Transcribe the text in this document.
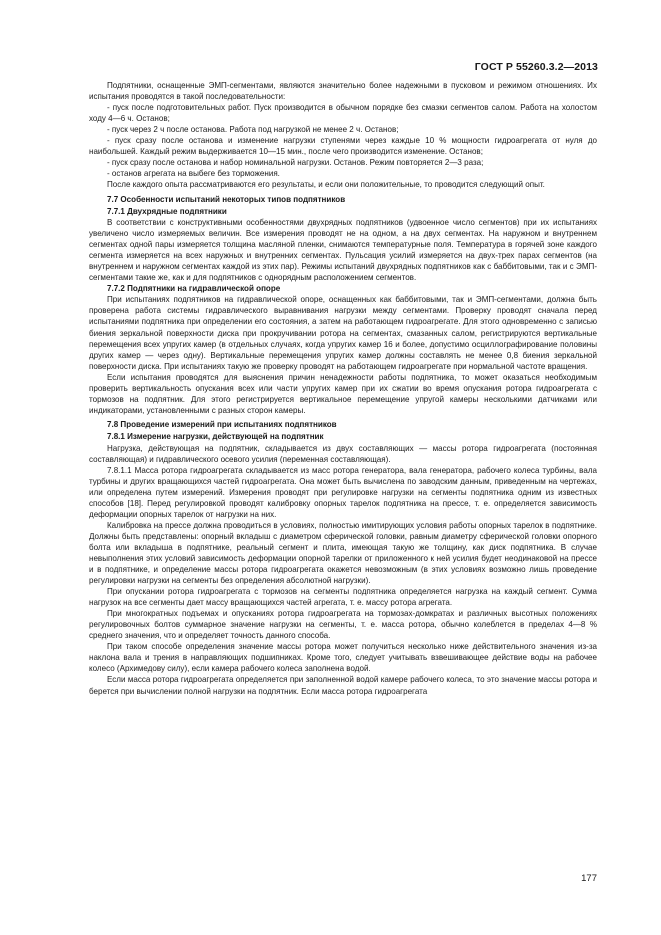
ГОСТ Р 55260.3.2—2013

Подпятники, оснащенные ЭМП-сегментами, являются значительно более надежными в пусковом и режимом отношениях. Их испытания проводятся в такой последовательности:

- пуск после подготовительных работ. Пуск производится в обычном порядке без смазки сегментов салом. Работа на холостом ходу 4—6 ч. Останов;

- пуск через 2 ч после останова. Работа под нагрузкой не менее 2 ч. Останов;

- пуск сразу после останова и изменение нагрузки ступенями через каждые 10 % мощности гидроагрегата от нуля до наибольшей. Каждый режим выдерживается 10—15 мин., после чего производится изменение. Останов;

- пуск сразу после останова и набор номинальной нагрузки. Останов. Режим повторяется 2—3 раза;

- останов агрегата на выбеге без торможения.

После каждого опыта рассматриваются его результаты, и если они положительные, то проводится следующий опыт.

7.7 Особенности испытаний некоторых типов подпятников

7.7.1 Двухрядные подпятники

В соответствии с конструктивными особенностями двухрядных подпятников (удвоенное число сегментов) при их испытаниях увеличено число измеряемых величин. Все измерения проводят не на одном, а на двух сегментах. На наружном и внутреннем сегментах одной пары измеряется толщина масляной пленки, снимаются температурные поля. Температура в горячей зоне каждого сегмента измеряется на всех наружных и внутренних сегментах. Пульсация усилий измеряется на двух-трех парах сегментов (на внутреннем и наружном сегментах каждой из этих пар). Режимы испытаний двухрядных подпятников как с баббитовыми, так и с ЭМП-сегментами такие же, как и для подпятников с однорядным расположением сегментов.

7.7.2 Подпятники на гидравлической опоре

При испытаниях подпятников на гидравлической опоре, оснащенных как баббитовыми, так и ЭМП-сегментами, должна быть проверена работа системы гидравлического выравнивания нагрузки между сегментами. Проверку проводят сначала перед испытаниями подпятника при определении его состояния, а затем на работающем гидроагрегате. Для этого одновременно с записью биения зеркальной поверхности диска при прокручивании ротора на сегментах, смазанных салом, регистрируются вертикальные перемещения всех упругих камер (в отдельных случаях, когда упругих камер 16 и более, допустимо осциллографирование половины других камер — через одну). Вертикальные перемещения упругих камер должны составлять не менее 0,8 биения зеркальной поверхности диска. При испытаниях такую же проверку проводят на работающем гидроагрегате при нормальной частоте вращения.

Если испытания проводятся для выяснения причин ненадежности работы подпятника, то может оказаться необходимым проверить вертикальность опускания всех или части упругих камер при их сжатии во время опускания ротора гидроагрегата с тормозов на подпятник. Для этого регистрируется вертикальное перемещение упругой камеры несколькими датчиками или индикаторами, установленными с разных сторон камеры.

7.8 Проведение измерений при испытаниях подпятников

7.8.1 Измерение нагрузки, действующей на подпятник

Нагрузка, действующая на подпятник, складывается из двух составляющих — массы ротора гидроагрегата (постоянная составляющая) и гидравлического осевого усилия (переменная составляющая).

7.8.1.1 Масса ротора гидроагрегата складывается из масс ротора генератора, вала генератора, рабочего колеса турбины, вала турбины и других вращающихся частей гидроагрегата. Она может быть вычислена по заводским данным, приведенным на чертежах, или определена путем измерений. Измерения проводят при регулировке нагрузки на сегменты подпятника одним из известных способов [18]. Перед регулировкой проводят калибровку опорных тарелок подпятника на прессе, т. е. определяется зависимость деформации опорных тарелок от нагрузки на них.

Калибровка на прессе должна проводиться в условиях, полностью имитирующих условия работы опорных тарелок в подпятнике. Должны быть представлены: опорный вкладыш с диаметром сферической головки, равным диаметру сферической головки опорного болта или вкладыша в подпятнике, реальный сегмент и плита, имеющая такую же толщину, как диск подпятника. В случае невыполнения этих условий зависимость деформации опорной тарелки от приложенного к ней усилия будет неодинаковой на прессе и в подпятнике, и определение массы ротора гидроагрегата окажется невозможным (в этих условиях возможно лишь проведение регулировки нагрузки на сегменты без определения абсолютной нагрузки).

При опускании ротора гидроагрегата с тормозов на сегменты подпятника определяется нагрузка на каждый сегмент. Сумма нагрузок на все сегменты дает массу вращающихся частей агрегата, т. е. массу ротора агрегата.

При многократных подъемах и опусканиях ротора гидроагрегата на тормозах-домкратах и различных высотных положениях регулировочных болтов суммарное значение нагрузки на сегменты, т. е. масса ротора, обычно колеблется в пределах 4—8 % среднего значения, что и определяет точность данного способа.

При таком способе определения значение массы ротора может получиться несколько ниже действительного значения из-за наклона вала и трения в направляющих подшипниках. Кроме того, следует учитывать взвешивающее действие воды на рабочее колесо (Архимедову силу), если камера рабочего колеса заполнена водой.

Если масса ротора гидроагрегата определяется при заполненной водой камере рабочего колеса, то это значение массы ротора и берется при вычислении полной нагрузки на подпятник. Если масса ротора гидроагрегата

177
